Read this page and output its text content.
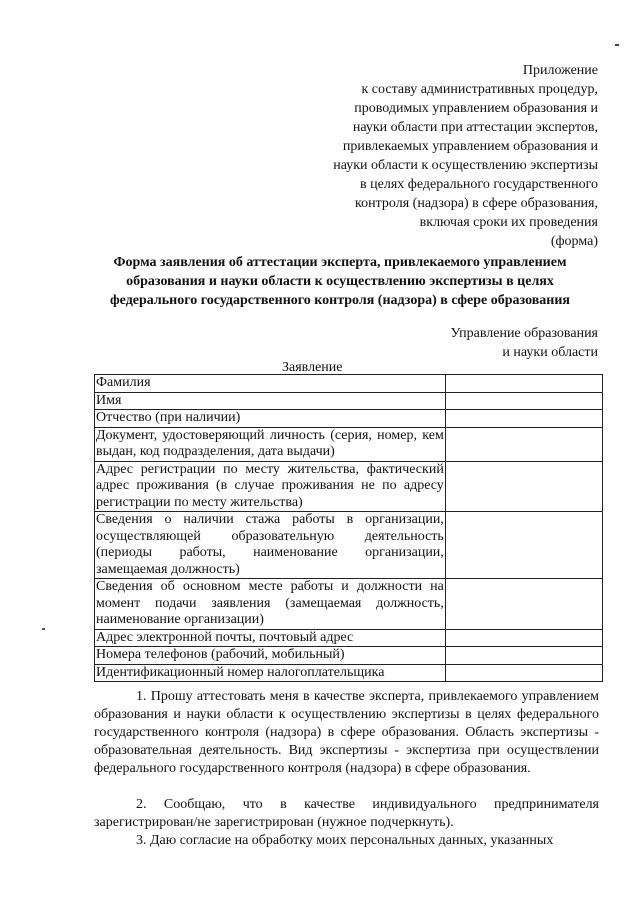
Приложение
к составу административных процедур,
проводимых управлением образования и
науки области при аттестации экспертов,
привлекаемых управлением образования и
науки области к осуществлению экспертизы
в целях федерального государственного
контроля (надзора) в сфере образования,
включая сроки их проведения
(форма)
Форма заявления об аттестации эксперта, привлекаемого управлением
образования и науки области к осуществлению экспертизы в целях
федерального государственного контроля (надзора) в сфере образования
Управление образования
и науки области
Заявление
Фамилия	
Имя	
Отчество (при наличии)	
Документ, удостоверяющий личность (серия, номер, кем выдан, код подразделения, дата выдачи)	
Адрес регистрации по месту жительства, фактический адрес проживания (в случае проживания не по адресу регистрации по месту жительства)	
Сведения о наличии стажа работы в организации, осуществляющей образовательную деятельность (периоды работы, наименование организации, замещаемая должность)	
Сведения об основном месте работы и должности на момент подачи заявления (замещаемая должность, наименование организации)	
Адрес электронной почты, почтовый адрес	
Номера телефонов (рабочий, мобильный)	
Идентификационный номер налогоплательщика	
1. Прошу аттестовать меня в качестве эксперта, привлекаемого управлением образования и науки области к осуществлению экспертизы в целях федерального государственного контроля (надзора) в сфере образования. Область экспертизы - образовательная деятельность. Вид экспертизы - экспертиза при осуществлении федерального государственного контроля (надзора) в сфере образования.
2. Сообщаю, что в качестве индивидуального предпринимателя зарегистрирован/не зарегистрирован (нужное подчеркнуть).
3. Даю согласие на обработку моих персональных данных, указанных
